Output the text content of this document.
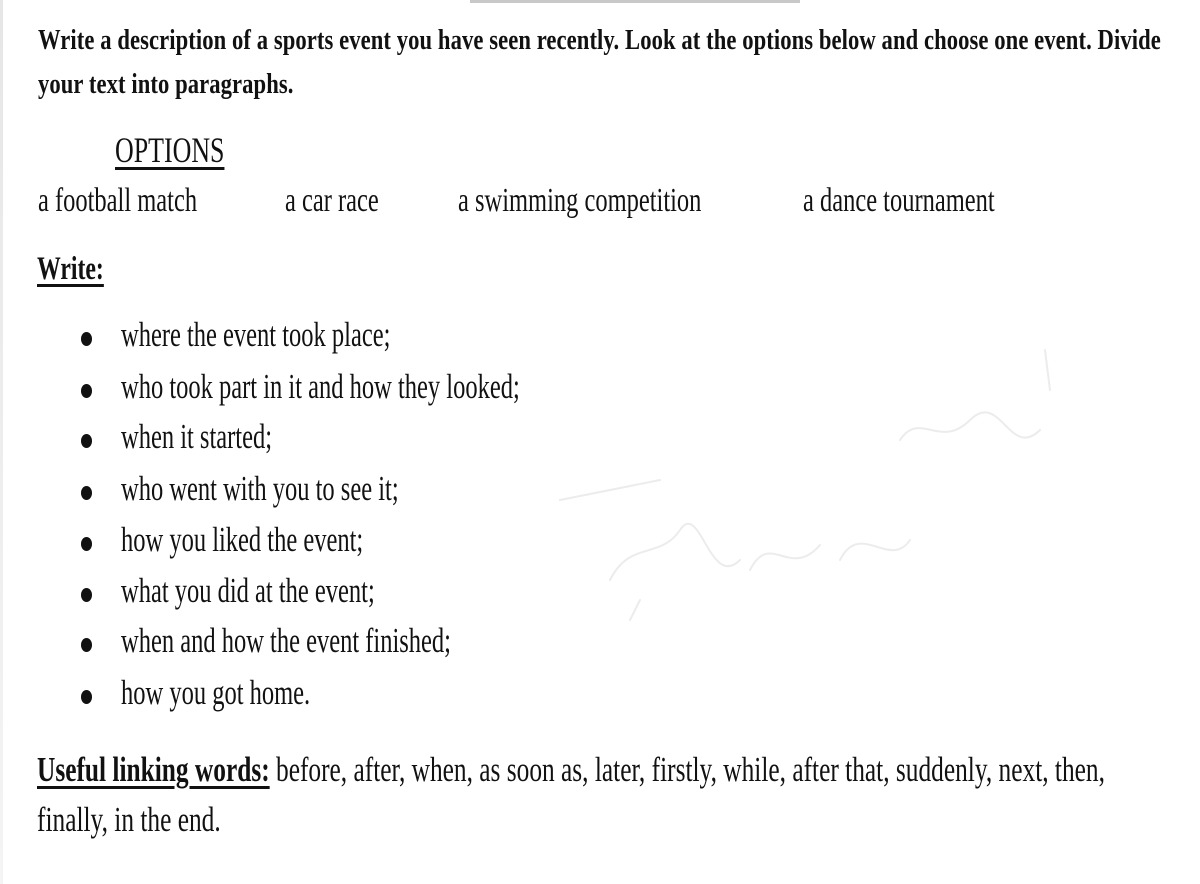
Write a description of a sports event you have seen recently. Look at the options below and choose one event. Divide your text into paragraphs.
OPTIONS
a football match	a car race a swimming competition	a dance tournament
Write:
where the event took place;
who took part in it and how they looked;
when it started;
who went with you to see it;
how you liked the event;
what you did at the event;
when and how the event finished;
how you got home.
Useful linking words: before, after, when, as soon as, later, firstly, while, after that, suddenly, next, then, finally, in the end.
